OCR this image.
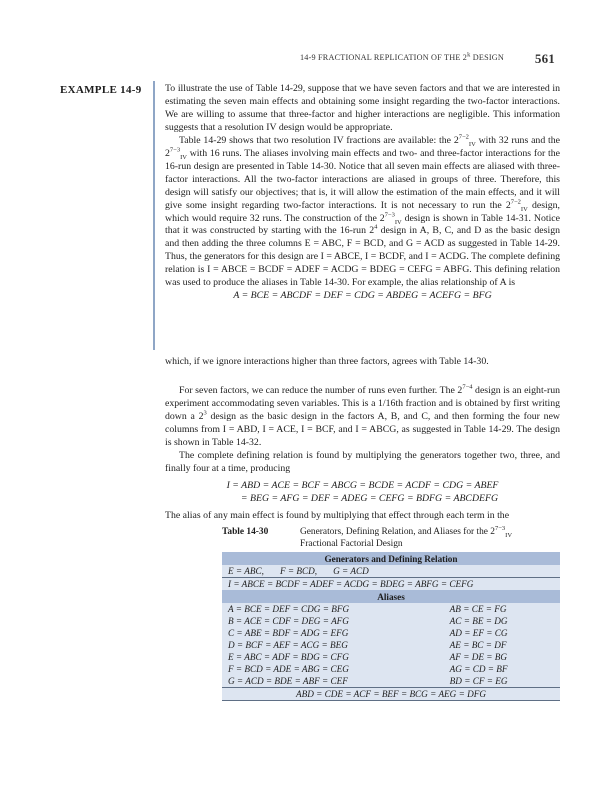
14-9 FRACTIONAL REPLICATION OF THE 2$^k$ DESIGN 561
EXAMPLE 14-9 To illustrate the use of Table 14-29, suppose that we have seven factors and that we are interested in estimating the seven main effects and obtaining some insight regarding the two-factor interactions. We are willing to assume that three-factor and higher interactions are negligible. This information suggests that a resolution IV design would be appropriate.

Table 14-29 shows that two resolution IV fractions are available: the $2^{7-2}_{IV}$ with 32 runs and the $2^{7-3}_{IV}$ with 16 runs. The aliases involving main effects and two- and three-factor interactions for the 16-run design are presented in Table 14-30. Notice that all seven main effects are aliased with three-factor interactions. All the two-factor interactions are aliased in groups of three. Therefore, this design will satisfy our objectives; that is, it will allow the estimation of the main effects, and it will give some insight regarding two-factor interactions. It is not necessary to run the $2^{7-2}_{IV}$ design, which would require 32 runs. The construction of the $2^{7-3}_{IV}$ design is shown in Table 14-31. Notice that it was constructed by starting with the 16-run $2^4$ design in A, B, C, and D as the basic design and then adding the three columns E = ABC, F = BCD, and G = ACD as suggested in Table 14-29. Thus, the generators for this design are I = ABCE, I = BCDF, and I = ACDG. The complete defining relation is I = ABCE = BCDF = ADEF = ACDG = BDEG = CEFG = ABFG. This defining relation was used to produce the aliases in Table 14-30. For example, the alias relationship of A is

A = BCE = ABCDF = DEF = CDG = ABDEG = ACEFG = BFG

which, if we ignore interactions higher than three factors, agrees with Table 14-30.

For seven factors, we can reduce the number of runs even further. The $2^{7-4}$ design is an eight-run experiment accommodating seven variables. This is a 1/16th fraction and is obtained by first writing down a $2^3$ design as the basic design in the factors A, B, and C, and then forming the four new columns from I = ABD, I = ACE, I = BCF, and I = ABCG, as suggested in Table 14-29. The design is shown in Table 14-32.

The complete defining relation is found by multiplying the generators together two, three, and finally four at a time, producing

I = ABD = ACE = BCF = ABCG = BCDE = ACDF = CDG = ABEF

= BEG = AFG = DEF = ADEG = CEFG = BDFG = ABCDEFG

The alias of any main effect is found by multiplying that effect through each term in the

Table 14-30	Generators, Defining Relation, and Aliases for the $2^{7-3}_{IV}$
Fractional Factorial Design
Generators and Defining Relation	
E = ABC, F = BCD, G = ACD	
I = ABCE = BCDF = ADEF = ACDG = BDEG = ABFG = CEFG	
Aliases	
A = BCE = DEF = CDG = BFG	AB = CE = FG
B = ACE = CDF = DEG = AFG	AC = BE = DG
C = ABE = BDF = ADG = EFG	AD = EF = CG
D = BCF = AEF = ACG = BEG	AE = BC = DF
E = ABC = ADF = BDG = CFG	AF = DE = BG
F = BCD = ADE = ABG = CEG	AG = CD = BF
G = ACD = BDE = ABF = CEF	BD = CF = EG
ABD = CDE = ACF = BEF = BCG = AEG = DFG	
